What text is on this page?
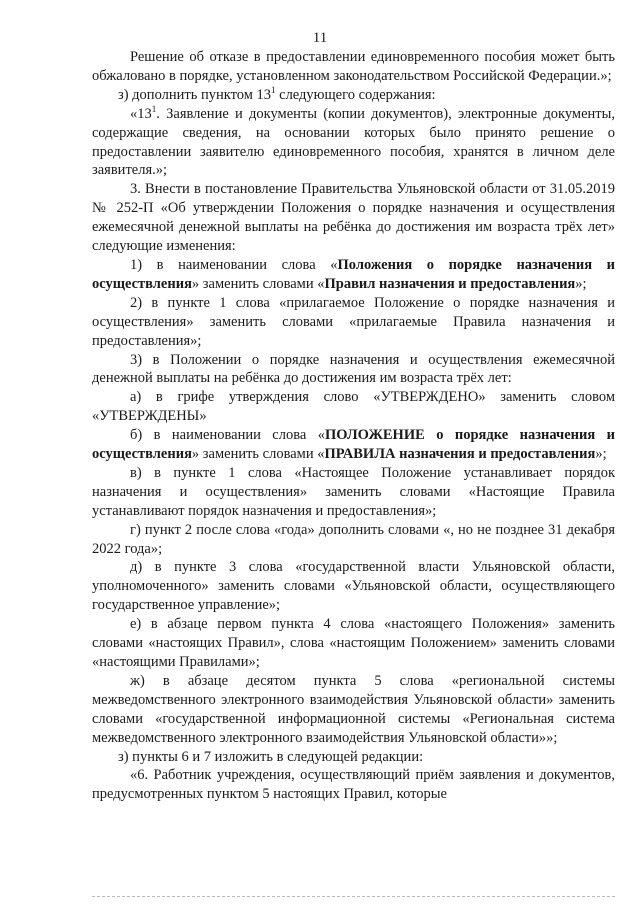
11

Решение об отказе в предоставлении единовременного пособия может быть обжаловано в порядке, установленном законодательством Российской Федерации.»;

з) дополнить пунктом $13^1$ следующего содержания:

«$13^1$. Заявление и документы (копии документов), электронные документы, содержащие сведения, на основании которых было принято решение о предоставлении заявителю единовременного пособия, хранятся в личном деле заявителя.»;

3. Внести в постановление Правительства Ульяновской области от 31.05.2019 № 252-П «Об утверждении Положения о порядке назначения и осуществления ежемесячной денежной выплаты на ребёнка до достижения им возраста трёх лет» следующие изменения:

1) в наименовании слова «Положения о порядке назначения и осуществления» заменить словами «Правил назначения и предоставления»;

2) в пункте 1 слова «прилагаемое Положение о порядке назначения и осуществления» заменить словами «прилагаемые Правила назначения и предоставления»;

3) в Положении о порядке назначения и осуществления ежемесячной денежной выплаты на ребёнка до достижения им возраста трёх лет:

а) в грифе утверждения слово «УТВЕРЖДЕНО» заменить словом «УТВЕРЖДЕНЫ»

б) в наименовании слова «ПОЛОЖЕНИЕ о порядке назначения и осуществления» заменить словами «ПРАВИЛА назначения и предоставления»;

в) в пункте 1 слова «Настоящее Положение устанавливает порядок назначения и осуществления» заменить словами «Настоящие Правила устанавливают порядок назначения и предоставления»;

г) пункт 2 после слова «года» дополнить словами «, но не позднее 31 декабря 2022 года»;

д) в пункте 3 слова «государственной власти Ульяновской области, уполномоченного» заменить словами «Ульяновской области, осуществляющего государственное управление»;

е) в абзаце первом пункта 4 слова «настоящего Положения» заменить словами «настоящих Правил», слова «настоящим Положением» заменить словами «настоящими Правилами»;

ж) в абзаце десятом пункта 5 слова «региональной системы межведомственного электронного взаимодействия Ульяновской области» заменить словами «государственной информационной системы «Региональная система межведомственного электронного взаимодействия Ульяновской области»»;

з) пункты 6 и 7 изложить в следующей редакции:

«6. Работник учреждения, осуществляющий приём заявления и документов, предусмотренных пунктом 5 настоящих Правил, которые
